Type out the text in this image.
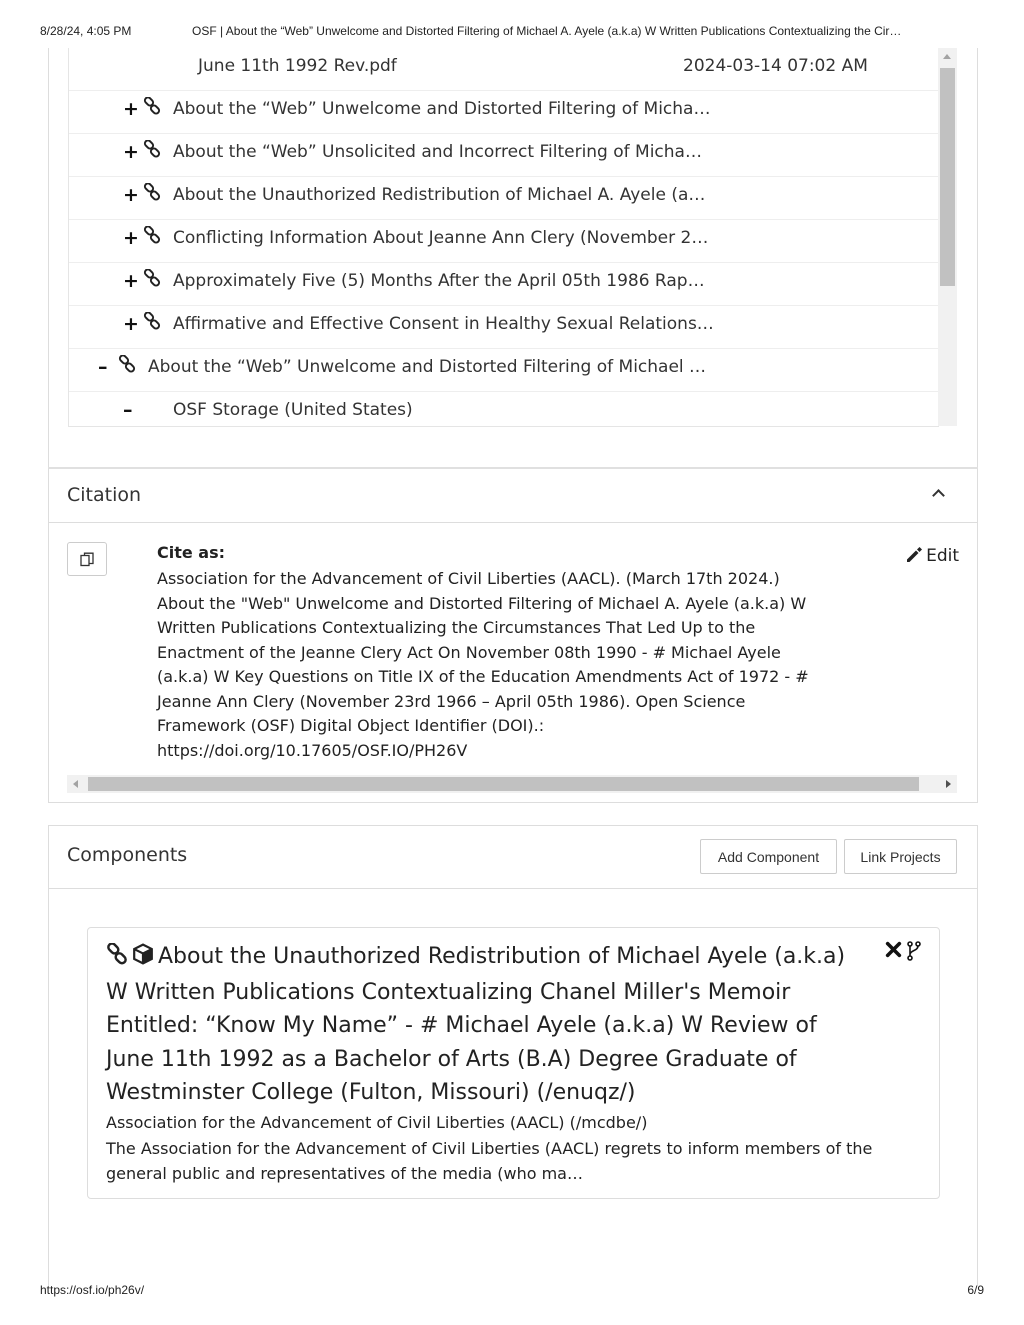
8/28/24, 4:05 PM	OSF | About the “Web” Unwelcome and Distorted Filtering of Michael A. Ayele (a.k.a) W Written Publications Contextualizing the Cir…
June 11th 1992 Rev.pdf	2024-03-14 07:02 AM
+ About the “Web” Unwelcome and Distorted Filtering of Micha…
+ About the “Web” Unsolicited and Incorrect Filtering of Micha…
+ About the Unauthorized Redistribution of Michael A. Ayele (a…
+ Conflicting Information About Jeanne Ann Clery (November 2…
+ Approximately Five (5) Months After the April 05th 1986 Rap…
+ Affirmative and Effective Consent in Healthy Sexual Relations…
– About the “Web” Unwelcome and Distorted Filtering of Michael …
– OSF Storage (United States)
Citation
Cite as:
Association for the Advancement of Civil Liberties (AACL). (March 17th 2024.) About the "Web" Unwelcome and Distorted Filtering of Michael A. Ayele (a.k.a) W Written Publications Contextualizing the Circumstances That Led Up to the Enactment of the Jeanne Clery Act On November 08th 1990 - # Michael Ayele (a.k.a) W Key Questions on Title IX of the Education Amendments Act of 1972 - # Jeanne Ann Clery (November 23rd 1966 – April 05th 1986). Open Science Framework (OSF) Digital Object Identifier (DOI).: https://doi.org/10.17605/OSF.IO/PH26V
Edit
Components	Add Component	Link Projects
About the Unauthorized Redistribution of Michael Ayele (a.k.a) W Written Publications Contextualizing Chanel Miller's Memoir Entitled: “Know My Name” - # Michael Ayele (a.k.a) W Review of June 11th 1992 as a Bachelor of Arts (B.A) Degree Graduate of Westminster College (Fulton, Missouri) (/enuqz/)

Association for the Advancement of Civil Liberties (AACL) (/mcdbe/)
The Association for the Advancement of Civil Liberties (AACL) regrets to inform members of the general public and representatives of the media (who ma…
https://osf.io/ph26v/	6/9
